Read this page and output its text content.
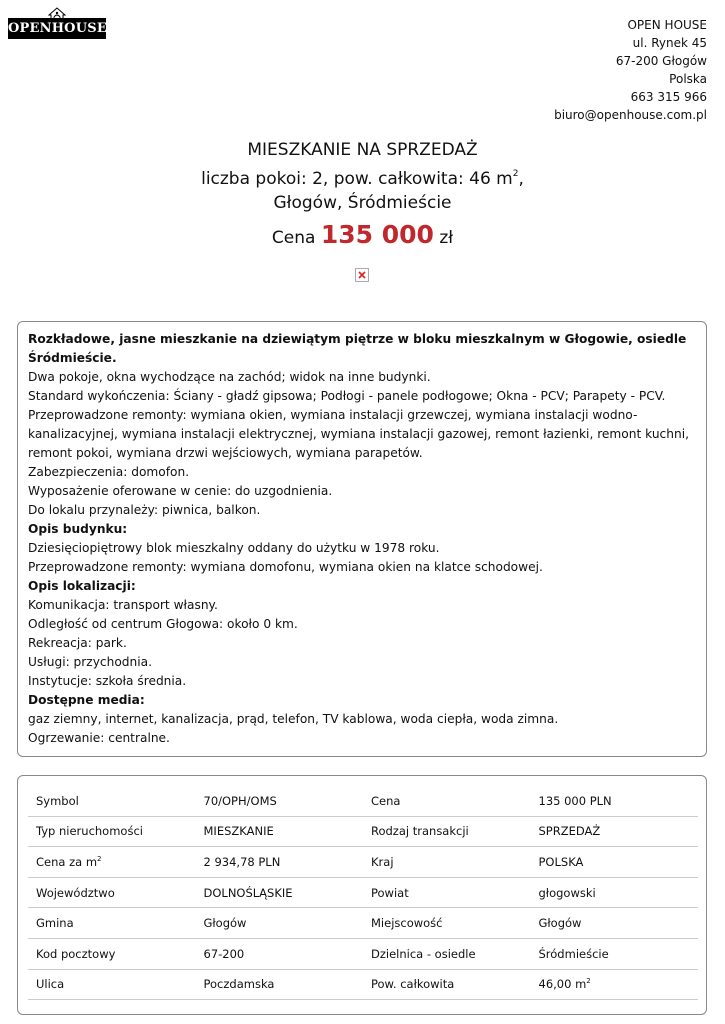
OPENHOUSE	OPEN HOUSE
ul. Rynek 45
67-200 Głogów
Polska
663 315 966
biuro@openhouse.com.pl
MIESZKANIE NA SPRZEDAŻ
liczba pokoi: 2, pow. całkowita: 46 $m^2$,
Głogów, Śródmieście
Cena 135 000 zł

Rozkładowe, jasne mieszkanie na dziewiątym piętrze w bloku mieszkalnym w Głogowie, osiedle Śródmieście.

Dwa pokoje, okna wychodzące na zachód; widok na inne budynki.

Standard wykończenia: Ściany - gładź gipsowa; Podłogi - panele podłogowe; Okna - PCV; Parapety - PCV.

Przeprowadzone remonty: wymiana okien, wymiana instalacji grzewczej, wymiana instalacji wodno-kanalizacyjnej, wymiana instalacji elektrycznej, wymiana instalacji gazowej, remont łazienki, remont kuchni, remont pokoi, wymiana drzwi wejściowych, wymiana parapetów.

Zabezpieczenia: domofon.

Wyposażenie oferowane w cenie: do uzgodnienia.

Do lokalu przynależy: piwnica, balkon.

Opis budynku:

Dziesięciopiętrowy blok mieszkalny oddany do użytku w 1978 roku.

Przeprowadzone remonty: wymiana domofonu, wymiana okien na klatce schodowej.

Opis lokalizacji:

Komunikacja: transport własny.

Odległość od centrum Głogowa: około 0 km.

Rekreacja: park.

Usługi: przychodnia.

Instytucje: szkoła średnia.

Dostępne media:

gaz ziemny, internet, kanalizacja, prąd, telefon, TV kablowa, woda ciepła, woda zimna.

Ogrzewanie: centralne.

Symbol	70/OPH/OMS	Cena	135 000 PLN
Typ nieruchomości	MIESZKANIE	Rodzaj transakcji	SPRZEDAŻ
Cena za $m^2$	2 934,78 PLN	Kraj	POLSKA
Województwo	DOLNOŚLĄSKIE	Powiat	głogowski
Gmina	Głogów	Miejscowość	Głogów
Kod pocztowy	67-200	Dzielnica - osiedle	Śródmieście
Ulica	Poczdamska	Pow. całkowita	46,00 $m^2$
